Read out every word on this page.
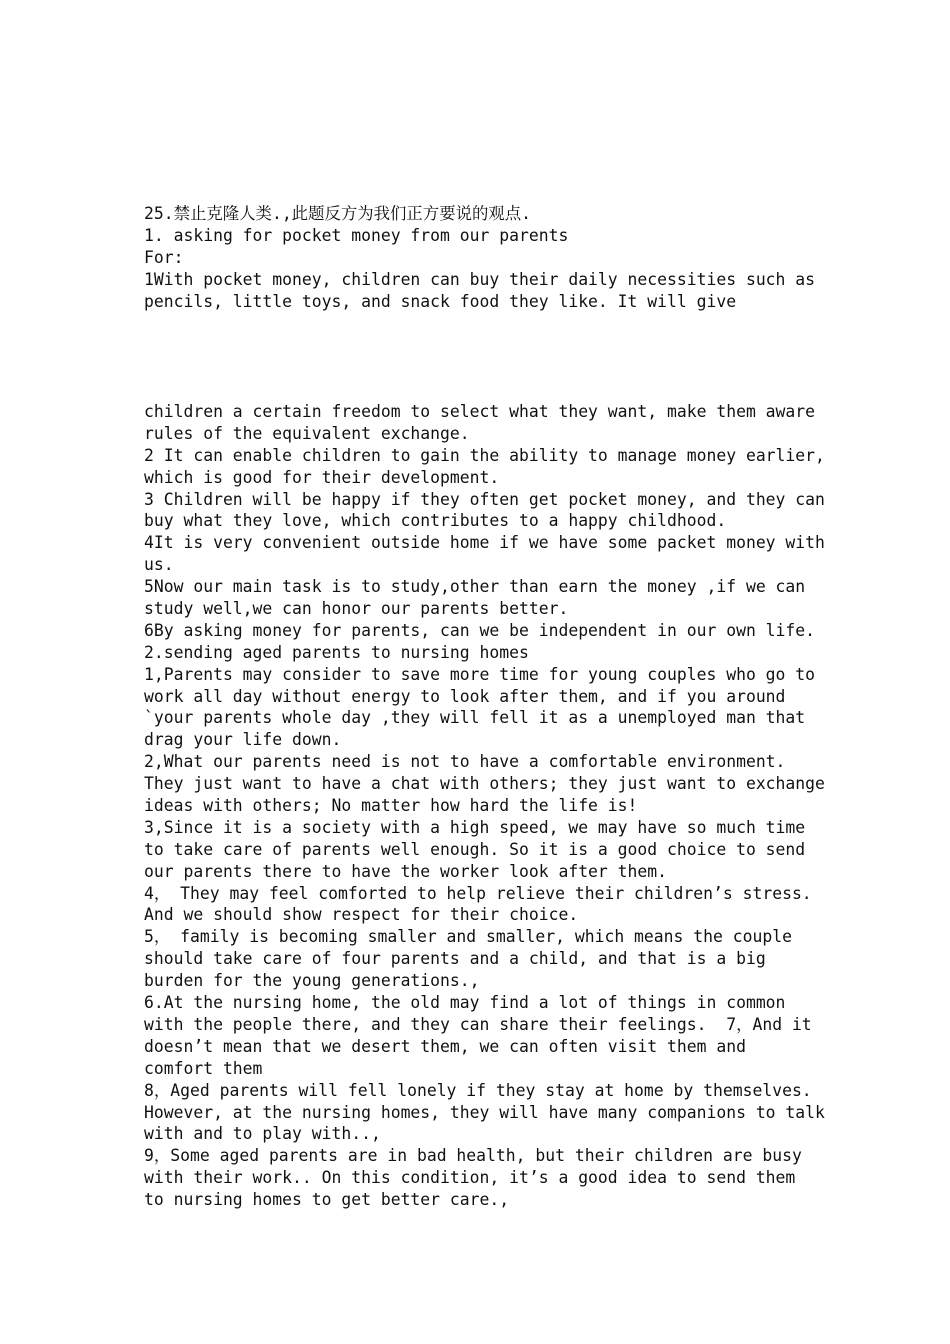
25.禁止克隆人类.,此题反方为我们正方要说的观点.
1. asking for pocket money from our parents
For:
1With pocket money, children can buy their daily necessities such as
pencils, little toys, and snack food they like. It will give
children a certain freedom to select what they want, make them aware
rules of the equivalent exchange.
2 It can enable children to gain the ability to manage money earlier,
which is good for their development.
3 Children will be happy if they often get pocket money, and they can
buy what they love, which contributes to a happy childhood.
4It is very convenient outside home if we have some packet money with
us.
5Now our main task is to study,other than earn the money ,if we can
study well,we can honor our parents better.
6By asking money for parents, can we be independent in our own life.
2.sending aged parents to nursing homes
1,Parents may consider to save more time for young couples who go to
work all day without energy to look after them, and if you around
`your parents whole day ,they will fell it as a unemployed man that
drag your life down.
2,What our parents need is not to have a comfortable environment.
They just want to have a chat with others; they just want to exchange
ideas with others; No matter how hard the life is!
3,Since it is a society with a high speed, we may have so much time
to take care of parents well enough. So it is a good choice to send
our parents there to have the worker look after them.
4， They may feel comforted to help relieve their children’s stress.
And we should show respect for their choice.
5， family is becoming smaller and smaller, which means the couple
should take care of four parents and a child, and that is a big
burden for the young generations.,
6.At the nursing home, the old may find a lot of things in common
with the people there, and they can share their feelings.  7，And it
doesn’t mean that we desert them, we can often visit them and
comfort them
8，Aged parents will fell lonely if they stay at home by themselves.
However, at the nursing homes, they will have many companions to talk
with and to play with..,
9，Some aged parents are in bad health, but their children are busy
with their work.. On this condition, it’s a good idea to send them
to nursing homes to get better care.,
